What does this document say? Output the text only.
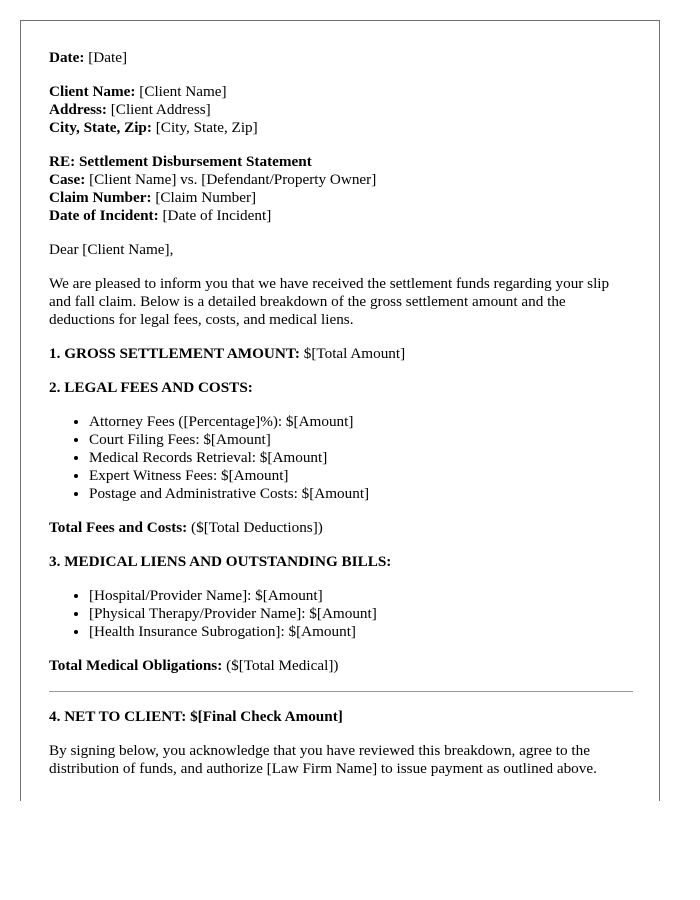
Date: [Date]
Client Name: [Client Name]
Address: [Client Address]
City, State, Zip: [City, State, Zip]
RE: Settlement Disbursement Statement
Case: [Client Name] vs. [Defendant/Property Owner]
Claim Number: [Claim Number]
Date of Incident: [Date of Incident]

Dear [Client Name],

We are pleased to inform you that we have received the settlement funds regarding your slip and fall claim. Below is a detailed breakdown of the gross settlement amount and the deductions for legal fees, costs, and medical liens.

1. GROSS SETTLEMENT AMOUNT: $[Total Amount]
2. LEGAL FEES AND COSTS:
• Attorney Fees ([Percentage]%): $[Amount]
• Court Filing Fees: $[Amount]
• Medical Records Retrieval: $[Amount]
• Expert Witness Fees: $[Amount]
• Postage and Administrative Costs: $[Amount]

Total Fees and Costs: ($[Total Deductions])

3. MEDICAL LIENS AND OUTSTANDING BILLS:
• [Hospital/Provider Name]: $[Amount]
• [Physical Therapy/Provider Name]: $[Amount]
• [Health Insurance Subrogation]: $[Amount]

Total Medical Obligations: ($[Total Medical])

4. NET TO CLIENT: $[Final Check Amount]

By signing below, you acknowledge that you have reviewed this breakdown, agree to the distribution of funds, and authorize [Law Firm Name] to issue payment as outlined above.
